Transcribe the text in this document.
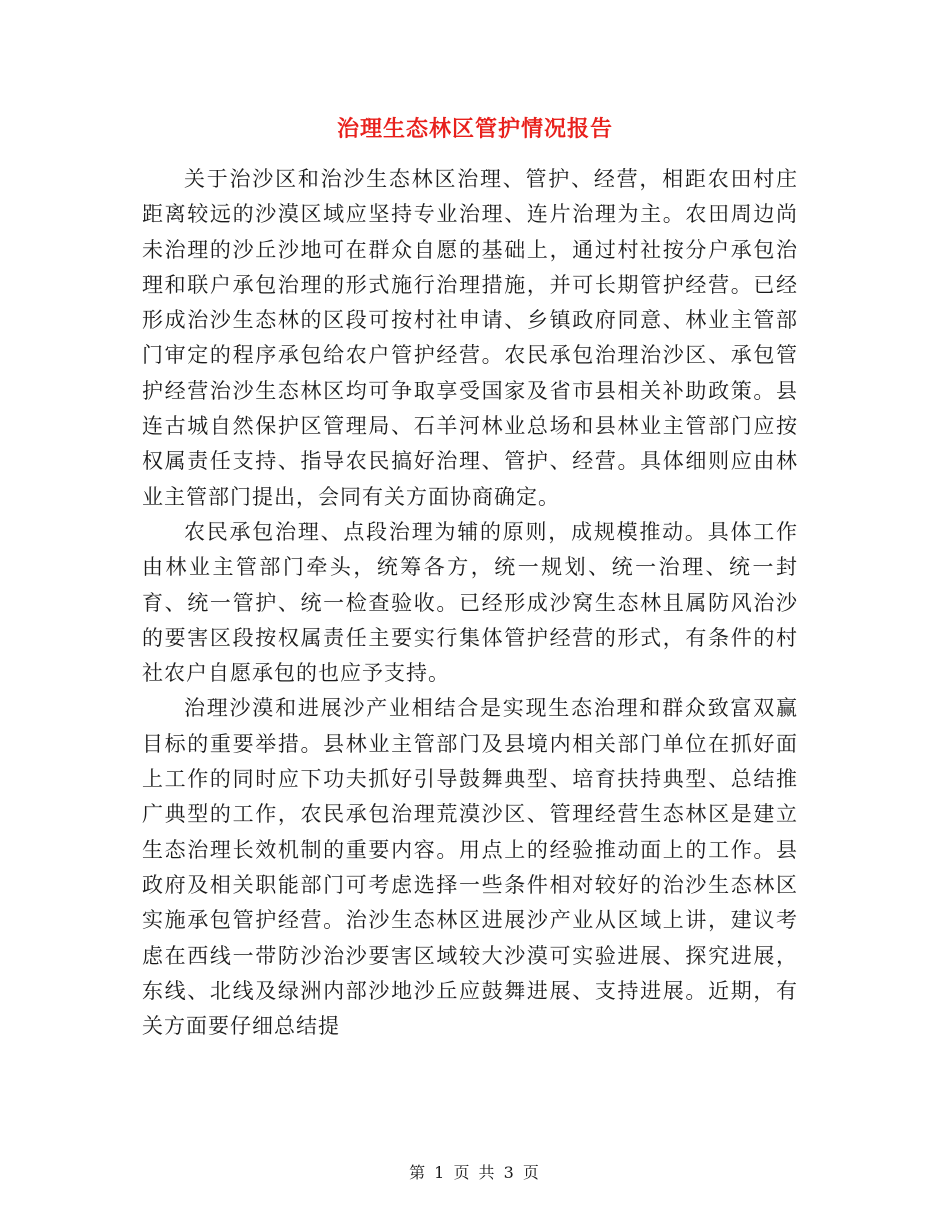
治理生态林区管护情况报告

关于治沙区和治沙生态林区治理、管护、经营，相距农田村庄距离较远的沙漠区域应坚持专业治理、连片治理为主。农田周边尚未治理的沙丘沙地可在群众自愿的基础上，通过村社按分户承包治理和联户承包治理的形式施行治理措施，并可长期管护经营。已经形成治沙生态林的区段可按村社申请、乡镇政府同意、林业主管部门审定的程序承包给农户管护经营。农民承包治理治沙区、承包管护经营治沙生态林区均可争取享受国家及省市县相关补助政策。县连古城自然保护区管理局、石羊河林业总场和县林业主管部门应按权属责任支持、指导农民搞好治理、管护、经营。具体细则应由林业主管部门提出，会同有关方面协商确定。

农民承包治理、点段治理为辅的原则，成规模推动。具体工作由林业主管部门牵头，统筹各方，统一规划、统一治理、统一封育、统一管护、统一检查验收。已经形成沙窝生态林且属防风治沙的要害区段按权属责任主要实行集体管护经营的形式，有条件的村社农户自愿承包的也应予支持。

治理沙漠和进展沙产业相结合是实现生态治理和群众致富双赢目标的重要举措。县林业主管部门及县境内相关部门单位在抓好面上工作的同时应下功夫抓好引导鼓舞典型、培育扶持典型、总结推广典型的工作，农民承包治理荒漠沙区、管理经营生态林区是建立生态治理长效机制的重要内容。用点上的经验推动面上的工作。县政府及相关职能部门可考虑选择一些条件相对较好的治沙生态林区实施承包管护经营。治沙生态林区进展沙产业从区域上讲，建议考虑在西线一带防沙治沙要害区域较大沙漠可实验进展、探究进展，东线、北线及绿洲内部沙地沙丘应鼓舞进展、支持进展。近期，有关方面要仔细总结提

第 1 页 共 3 页
